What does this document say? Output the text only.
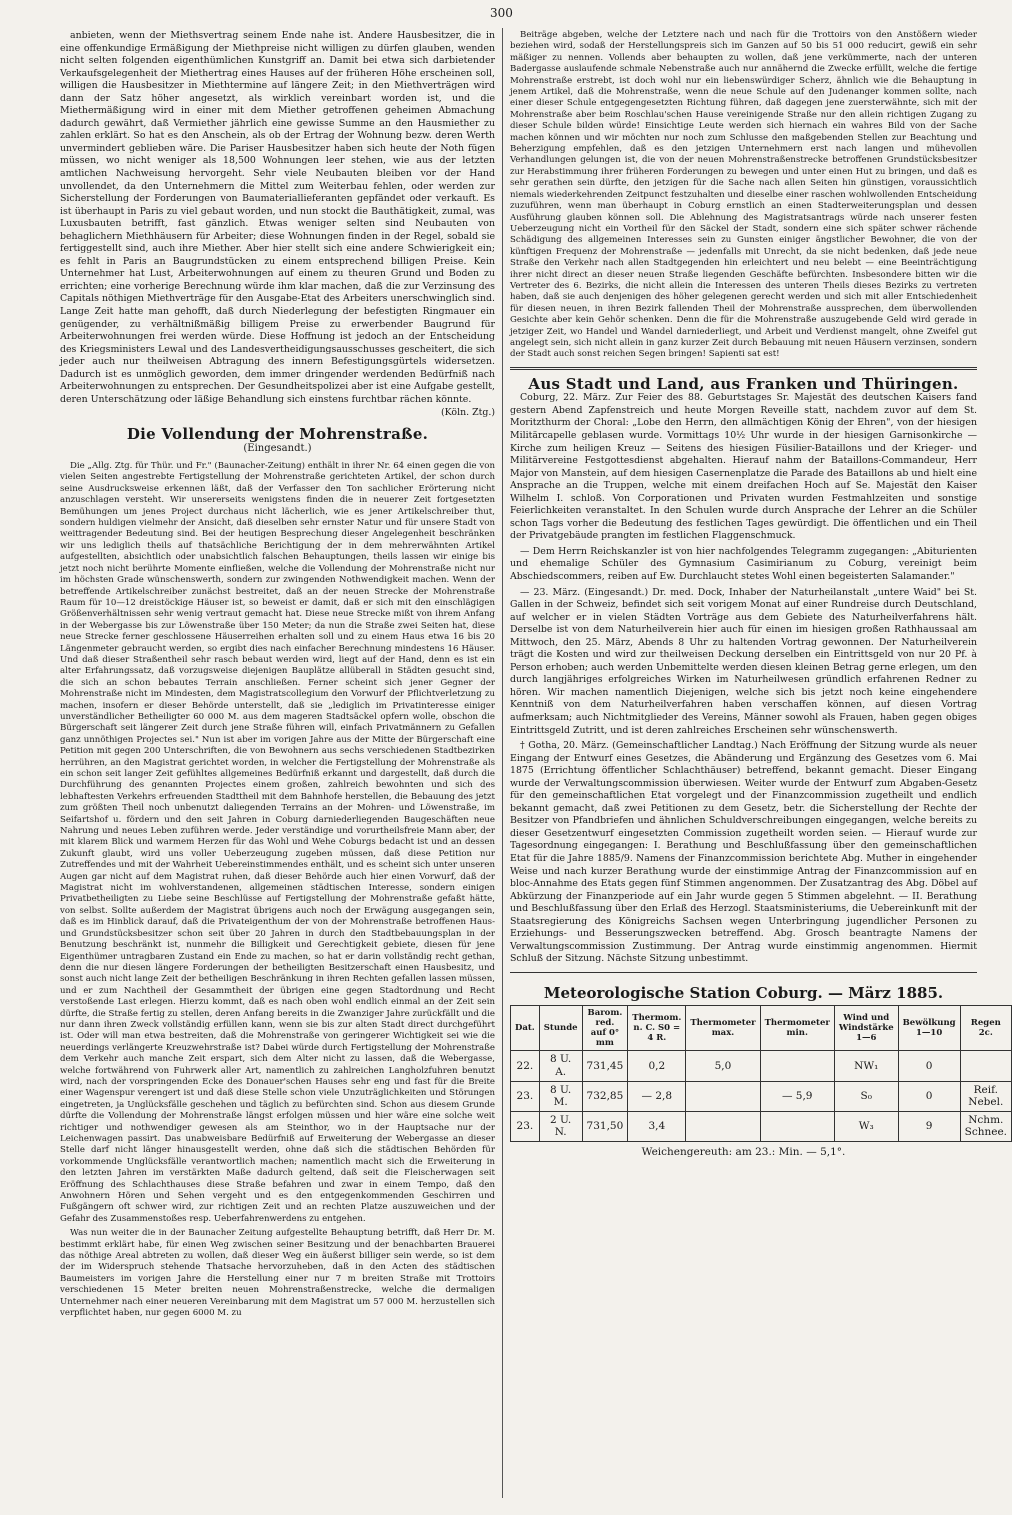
300

anbieten, wenn der Miethsvertrag seinem Ende nahe ist. Andere Hausbesitzer, die in eine offenkundige Ermäßigung der Miethpreise nicht willigen zu dürfen glauben, wenden nicht selten folgenden eigenthümlichen Kunstgriff an. Damit bei etwa sich darbietender Verkaufsgelegenheit der Miethertrag eines Hauses auf der früheren Höhe erscheinen soll, willigen die Hausbesitzer in Miethtermine auf längere Zeit; in den Miethverträgen wird dann der Satz höher angesetzt, als wirklich vereinbart worden ist, und die Miethermäßigung wird in einer mit dem Miether getroffenen geheimen Abmachung dadurch gewährt, daß Vermiether jährlich eine gewisse Summe an den Hausmiether zu zahlen erklärt. So hat es den Anschein, als ob der Ertrag der Wohnung bezw. deren Werth unvermindert geblieben wäre. Die Pariser Hausbesitzer haben sich heute der Noth fügen müssen, wo nicht weniger als 18,500 Wohnungen leer stehen, wie aus der letzten amtlichen Nachweisung hervorgeht. Sehr viele Neubauten bleiben vor der Hand unvollendet, da den Unternehmern die Mittel zum Weiterbau fehlen, oder werden zur Sicherstellung der Forderungen von Baumateriallieferanten gepfändet oder verkauft. Es ist überhaupt in Paris zu viel gebaut worden, und nun stockt die Bauthätigkeit, zumal, was Luxusbauten betrifft, fast gänzlich. Etwas weniger selten sind Neubauten von behaglichern Miethhäusern für Arbeiter; diese Wohnungen finden in der Regel, sobald sie fertiggestellt sind, auch ihre Miether. Aber hier stellt sich eine andere Schwierigkeit ein; es fehlt in Paris an Baugrundstücken zu einem entsprechend billigen Preise. Kein Unternehmer hat Lust, Arbeiterwohnungen auf einem zu theuren Grund und Boden zu errichten; eine vorherige Berechnung würde ihm klar machen, daß die zur Verzinsung des Capitals nöthigen Miethverträge für den Ausgabe-Etat des Arbeiters unerschwinglich sind. Lange Zeit hatte man gehofft, daß durch Niederlegung der befestigten Ringmauer ein genügender, zu verhältnißmäßig billigem Preise zu erwerbender Baugrund für Arbeiterwohnungen frei werden würde. Diese Hoffnung ist jedoch an der Entscheidung des Kriegsministers Lewal und des Landesvertheidigungsausschusses gescheitert, die sich jeder auch nur theilweisen Abtragung des innern Befestigungsgürtels widersetzen. Dadurch ist es unmöglich geworden, dem immer dringender werdenden Bedürfniß nach Arbeiterwohnungen zu entsprechen. Der Gesundheitspolizei aber ist eine Aufgabe gestellt, deren Unterschätzung oder läßige Behandlung sich einstens furchtbar rächen könnte.

(Köln. Ztg.)
Die Vollendung der Mohrenstraße.
(Eingesandt.)

Die „Allg. Ztg. für Thür. und Fr." (Baunacher-Zeitung) enthält in ihrer Nr. 64 einen gegen die von vielen Seiten angestrebte Fertigstellung der Mohrenstraße gerichteten Artikel, der schon durch seine Ausdrucksweise erkennen läßt, daß der Verfasser den Ton sachlicher Erörterung nicht anzuschlagen versteht. Wir unsererseits wenigstens finden die in neuerer Zeit fortgesetzten Bemühungen um jenes Project durchaus nicht lächerlich, wie es jener Artikelschreiber thut, sondern huldigen vielmehr der Ansicht, daß dieselben sehr ernster Natur und für unsere Stadt von weittragender Bedeutung sind. Bei der heutigen Besprechung dieser Angelegenheit beschränken wir uns lediglich theils auf thatsächliche Berichtigung der in dem mehrerwähnten Artikel aufgestellten, absichtlich oder unabsichtlich falschen Behauptungen, theils lassen wir einige bis jetzt noch nicht berührte Momente einfließen, welche die Vollendung der Mohrenstraße nicht nur im höchsten Grade wünschenswerth, sondern zur zwingenden Nothwendigkeit machen. Wenn der betreffende Artikelschreiber zunächst bestreitet, daß an der neuen Strecke der Mohrenstraße Raum für 10—12 dreistöckige Häuser ist, so beweist er damit, daß er sich mit den einschlägigen Größenverhältnissen sehr wenig vertraut gemacht hat. Diese neue Strecke mißt von ihrem Anfang in der Webergasse bis zur Löwenstraße über 150 Meter; da nun die Straße zwei Seiten hat, diese neue Strecke ferner geschlossene Häuserreihen erhalten soll und zu einem Haus etwa 16 bis 20 Längenmeter gebraucht werden, so ergibt dies nach einfacher Berechnung mindestens 16 Häuser. Und daß dieser Straßentheil sehr rasch bebaut werden wird, liegt auf der Hand, denn es ist ein alter Erfahrungssatz, daß vorzugsweise diejenigen Bauplätze allüberall in Städten gesucht sind, die sich an schon bebautes Terrain anschließen. Ferner scheint sich jener Gegner der Mohrenstraße nicht im Mindesten, dem Magistratscollegium den Vorwurf der Pflichtverletzung zu machen, insofern er dieser Behörde unterstellt, daß sie „lediglich im Privatinteresse einiger unverständlicher Betheiligter 60 000 M. aus dem mageren Stadtsäckel opfern wolle, obschon die Bürgerschaft seit längerer Zeit durch jene Straße führen will, einfach Privatmännern zu Gefallen ganz unnöthigen Projectes sei." Nun ist aber im vorigen Jahre aus der Mitte der Bürgerschaft eine Petition mit gegen 200 Unterschriften, die von Bewohnern aus sechs verschiedenen Stadtbezirken herrühren, an den Magistrat gerichtet worden, in welcher die Fertigstellung der Mohrenstraße als ein schon seit langer Zeit gefühltes allgemeines Bedürfniß erkannt und dargestellt, daß durch die Durchführung des genannten Projectes einem großen, zahlreich bewohnten und sich des lebhaftesten Verkehrs erfreuenden Stadttheil mit dem Bahnhofe herstellen, die Bebauung des jetzt zum größten Theil noch unbenutzt daliegenden Terrains an der Mohren- und Löwenstraße, im Seifartshof u. fördern und den seit Jahren in Coburg darniederliegenden Baugeschäften neue Nahrung und neues Leben zuführen werde. Jeder verständige und vorurtheilsfreie Mann aber, der mit klarem Blick und warmem Herzen für das Wohl und Wehe Coburgs bedacht ist und an dessen Zukunft glaubt, wird uns voller Ueberzeugung zugeben müssen, daß diese Petition nur Zutreffendes und mit der Wahrheit Uebereinstimmendes enthält, und es scheint sich unter unseren Augen gar nicht auf dem Magistrat ruhen, daß dieser Behörde auch hier einen Vorwurf, daß der Magistrat nicht im wohlverstandenen, allgemeinen städtischen Interesse, sondern einigen Privatbetheiligten zu Liebe seine Beschlüsse auf Fertigstellung der Mohrenstraße gefaßt hätte, von selbst. Sollte außerdem der Magistrat übrigens auch noch der Erwägung ausgegangen sein, daß es im Hinblick darauf, daß die Privateigenthum der von der Mohrenstraße betroffenen Haus- und Grundstücksbesitzer schon seit über 20 Jahren in durch den Stadtbebauungsplan in der Benutzung beschränkt ist, nunmehr die Billigkeit und Gerechtigkeit gebiete, diesen für jene Eigenthümer untragbaren Zustand ein Ende zu machen, so hat er darin vollständig recht gethan, denn die nur diesen längere Forderungen der betheiligten Besitzerschaft einen Hausbesitz, und sonst auch nicht lange Zeit der betheiligen Beschränkung in ihren Rechten gefallen lassen müssen, und er zum Nachtheil der Gesammtheit der übrigen eine gegen Stadtordnung und Recht verstoßende Last erlegen. Hierzu kommt, daß es nach oben wohl endlich einmal an der Zeit sein dürfte, die Straße fertig zu stellen, deren Anfang bereits in die Zwanziger Jahre zurückfällt und die nur dann ihren Zweck vollständig erfüllen kann, wenn sie bis zur alten Stadt direct durchgeführt ist. Oder will man etwa bestreiten, daß die Mohrenstraße von geringerer Wichtigkeit sei wie die neuerdings verlängerte Kreuzwehrstraße ist? Dabei würde durch Fertigstellung der Mohrenstraße dem Verkehr auch manche Zeit erspart, sich dem Alter nicht zu lassen, daß die Webergasse, welche fortwährend von Fuhrwerk aller Art, namentlich zu zahlreichen Langholzfuhren benutzt wird, nach der vorspringenden Ecke des Donauer'schen Hauses sehr eng und fast für die Breite einer Wagenspur verengert ist und daß diese Stelle schon viele Unzuträglichkeiten und Störungen eingetreten, ja Unglücksfälle geschehen und täglich zu befürchten sind. Schon aus diesem Grunde dürfte die Vollendung der Mohrenstraße längst erfolgen müssen und hier wäre eine solche weit richtiger und nothwendiger gewesen als am Steinthor, wo in der Hauptsache nur der Leichenwagen passirt. Das unabweisbare Bedürfniß auf Erweiterung der Webergasse an dieser Stelle darf nicht länger hinausgestellt werden, ohne daß sich die städtischen Behörden für vorkommende Unglücksfälle verantwortlich machen; namentlich macht sich die Erweiterung in den letzten Jahren im verstärkten Maße dadurch geltend, daß seit die Fleischerwagen seit Eröffnung des Schlachthauses diese Straße befahren und zwar in einem Tempo, daß den Anwohnern Hören und Sehen vergeht und es den entgegenkommenden Geschirren und Fußgängern oft schwer wird, zur richtigen Zeit und an rechten Platze auszuweichen und der Gefahr des Zusammenstoßes resp. Ueberfahrenwerdens zu entgehen.

Was nun weiter die in der Baunacher Zeitung aufgestellte Behauptung betrifft, daß Herr Dr. M. bestimmt erklärt habe, für einen Weg zwischen seiner Besitzung und der benachbarten Brauerei das nöthige Areal abtreten zu wollen, daß dieser Weg ein äußerst billiger sein werde, so ist dem der im Widerspruch stehende Thatsache hervorzuheben, daß in den Acten des städtischen Baumeisters im vorigen Jahre die Herstellung einer nur 7 m breiten Straße mit Trottoirs verschiedenen 15 Meter breiten neuen Mohrenstraßenstrecke, welche die dermaligen Unternehmer nach einer neueren Vereinbarung mit dem Magistrat um 57 000 M. herzustellen sich verpflichtet haben, nur gegen 6000 M. zu

Beiträge abgeben, welche der Letztere nach und nach für die Trottoirs von den Anstößern wieder beziehen wird, sodaß der Herstellungspreis sich im Ganzen auf 50 bis 51 000 reducirt, gewiß ein sehr mäßiger zu nennen. Vollends aber behaupten zu wollen, daß jene verkümmerte, nach der unteren Badergasse auslaufende schmale Nebenstraße auch nur annähernd die Zwecke erfüllt, welche die fertige Mohrenstraße erstrebt, ist doch wohl nur ein liebenswürdiger Scherz, ähnlich wie die Behauptung in jenem Artikel, daß die Mohrenstraße, wenn die neue Schule auf den Judenanger kommen sollte, nach einer dieser Schule entgegengesetzten Richtung führen, daß dagegen jene zuersterwähnte, sich mit der Mohrenstraße aber beim Roschlau'schen Hause vereinigende Straße nur den allein richtigen Zugang zu dieser Schule bilden würde! Einsichtige Leute werden sich hiernach ein wahres Bild von der Sache machen können und wir möchten nur noch zum Schlusse den maßgebenden Stellen zur Beachtung und Beherzigung empfehlen, daß es den jetzigen Unternehmern erst nach langen und mühevollen Verhandlungen gelungen ist, die von der neuen Mohrenstraßenstrecke betroffenen Grundstücksbesitzer zur Herabstimmung ihrer früheren Forderungen zu bewegen und unter einen Hut zu bringen, und daß es sehr gerathen sein dürfte, den jetzigen für die Sache nach allen Seiten hin günstigen, voraussichtlich niemals wiederkehrenden Zeitpunct festzuhalten und dieselbe einer raschen wohlwollenden Entscheidung zuzuführen, wenn man überhaupt in Coburg ernstlich an einen Stadterweiterungsplan und dessen Ausführung glauben können soll. Die Ablehnung des Magistratsantrags würde nach unserer festen Ueberzeugung nicht ein Vortheil für den Säckel der Stadt, sondern eine sich später schwer rächende Schädigung des allgemeinen Interesses sein zu Gunsten einiger ängstlicher Bewohner, die von der künftigen Frequenz der Mohrenstraße — jedenfalls mit Unrecht, da sie nicht bedenken, daß jede neue Straße den Verkehr nach allen Stadtgegenden hin erleichtert und neu belebt — eine Beeinträchtigung ihrer nicht direct an dieser neuen Straße liegenden Geschäfte befürchten. Insbesondere bitten wir die Vertreter des 6. Bezirks, die nicht allein die Interessen des unteren Theils dieses Bezirks zu vertreten haben, daß sie auch denjenigen des höher gelegenen gerecht werden und sich mit aller Entschiedenheit für diesen neuen, in ihren Bezirk fallenden Theil der Mohrenstraße aussprechen, dem überwollenden Gesichte aber kein Gehör schenken. Denn die für die Mohrenstraße auszugebende Geld wird gerade in jetziger Zeit, wo Handel und Wandel darniederliegt, und Arbeit und Verdienst mangelt, ohne Zweifel gut angelegt sein, sich nicht allein in ganz kurzer Zeit durch Bebauung mit neuen Häusern verzinsen, sondern der Stadt auch sonst reichen Segen bringen! Sapienti sat est!

Aus Stadt und Land, aus Franken und Thüringen.

Coburg, 22. März. Zur Feier des 88. Geburtstages Sr. Majestät des deutschen Kaisers fand gestern Abend Zapfenstreich und heute Morgen Reveille statt, nachdem zuvor auf dem St. Moritzthurm der Choral: „Lobe den Herrn, den allmächtigen König der Ehren", von der hiesigen Militärcapelle geblasen wurde. Vormittags 10½ Uhr wurde in der hiesigen Garnisonkirche — Kirche zum heiligen Kreuz — Seitens des hiesigen Füsilier-Bataillons und der Krieger- und Militärvereine Festgottesdienst abgehalten. Hierauf nahm der Bataillons-Commandeur, Herr Major von Manstein, auf dem hiesigen Casernenplatze die Parade des Bataillons ab und hielt eine Ansprache an die Truppen, welche mit einem dreifachen Hoch auf Se. Majestät den Kaiser Wilhelm I. schloß. Von Corporationen und Privaten wurden Festmahlzeiten und sonstige Feierlichkeiten veranstaltet. In den Schulen wurde durch Ansprache der Lehrer an die Schüler schon Tags vorher die Bedeutung des festlichen Tages gewürdigt. Die öffentlichen und ein Theil der Privatgebäude prangten im festlichen Flaggenschmuck.

— Dem Herrn Reichskanzler ist von hier nachfolgendes Telegramm zugegangen: „Abiturienten und ehemalige Schüler des Gymnasium Casimirianum zu Coburg, vereinigt beim Abschiedscommers, reiben auf Ew. Durchlaucht stetes Wohl einen begeisterten Salamander."

— 23. März. (Eingesandt.) Dr. med. Dock, Inhaber der Naturheilanstalt „untere Waid" bei St. Gallen in der Schweiz, befindet sich seit vorigem Monat auf einer Rundreise durch Deutschland, auf welcher er in vielen Städten Vorträge aus dem Gebiete des Naturheilverfahrens hält. Derselbe ist von dem Naturheilverein hier auch für einen im hiesigen großen Rathhaussaal am Mittwoch, den 25. März, Abends 8 Uhr zu haltenden Vortrag gewonnen. Der Naturheilverein trägt die Kosten und wird zur theilweisen Deckung derselben ein Eintrittsgeld von nur 20 Pf. à Person erhoben; auch werden Unbemittelte werden diesen kleinen Betrag gerne erlegen, um den durch langjähriges erfolgreiches Wirken im Naturheilwesen gründlich erfahrenen Redner zu hören. Wir machen namentlich Diejenigen, welche sich bis jetzt noch keine eingehendere Kenntniß von dem Naturheilverfahren haben verschaffen können, auf diesen Vortrag aufmerksam; auch Nichtmitglieder des Vereins, Männer sowohl als Frauen, haben gegen obiges Eintrittsgeld Zutritt, und ist deren zahlreiches Erscheinen sehr wünschenswerth.

† Gotha, 20. März. (Gemeinschaftlicher Landtag.) Nach Eröffnung der Sitzung wurde als neuer Eingang der Entwurf eines Gesetzes, die Abänderung und Ergänzung des Gesetzes vom 6. Mai 1875 (Errichtung öffentlicher Schlachthäuser) betreffend, bekannt gemacht. Dieser Eingang wurde der Verwaltungscommission überwiesen. Weiter wurde der Entwurf zum Abgaben-Gesetz für den gemeinschaftlichen Etat vorgelegt und der Finanzcommission zugetheilt und endlich bekannt gemacht, daß zwei Petitionen zu dem Gesetz, betr. die Sicherstellung der Rechte der Besitzer von Pfandbriefen und ähnlichen Schuldverschreibungen eingegangen, welche bereits zu dieser Gesetzentwurf eingesetzten Commission zugetheilt worden seien. — Hierauf wurde zur Tagesordnung eingegangen: I. Berathung und Beschlußfassung über den gemeinschaftlichen Etat für die Jahre 1885/9. Namens der Finanzcommission berichtete Abg. Muther in eingehender Weise und nach kurzer Berathung wurde der einstimmige Antrag der Finanzcommission auf en bloc-Annahme des Etats gegen fünf Stimmen angenommen. Der Zusatzantrag des Abg. Döbel auf Abkürzung der Finanzperiode auf ein Jahr wurde gegen 5 Stimmen abgelehnt. — II. Berathung und Beschlußfassung über den Erlaß des Herzogl. Staatsministeriums, die Uebereinkunft mit der Staatsregierung des Königreichs Sachsen wegen Unterbringung jugendlicher Personen zu Erziehungs- und Besserungszwecken betreffend. Abg. Grosch beantragte Namens der Verwaltungscommission Zustimmung. Der Antrag wurde einstimmig angenommen. Hiermit Schluß der Sitzung. Nächste Sitzung unbestimmt.

Meteorologische Station Coburg. — März 1885.
Dat.	Stunde	Barom. red. auf 0° mm	Thermom. n. C. S0 = 4 R.	Thermometer max.	Thermometer min.	Wind und Windstärke 1—6	Bewölkung 1—10	Regen 2c.
22.	8 U. A.	731,45	0,2	5,0		NW₁	0	
23.	8 U. M.	732,85	— 2,8		— 5,9	S₀	0	Reif. Nebel.
23.	2 U. N.	731,50	3,4			W₃	9	Nchm. Schnee.
Weichengereuth: am 23.: Min. — 5,1°.
